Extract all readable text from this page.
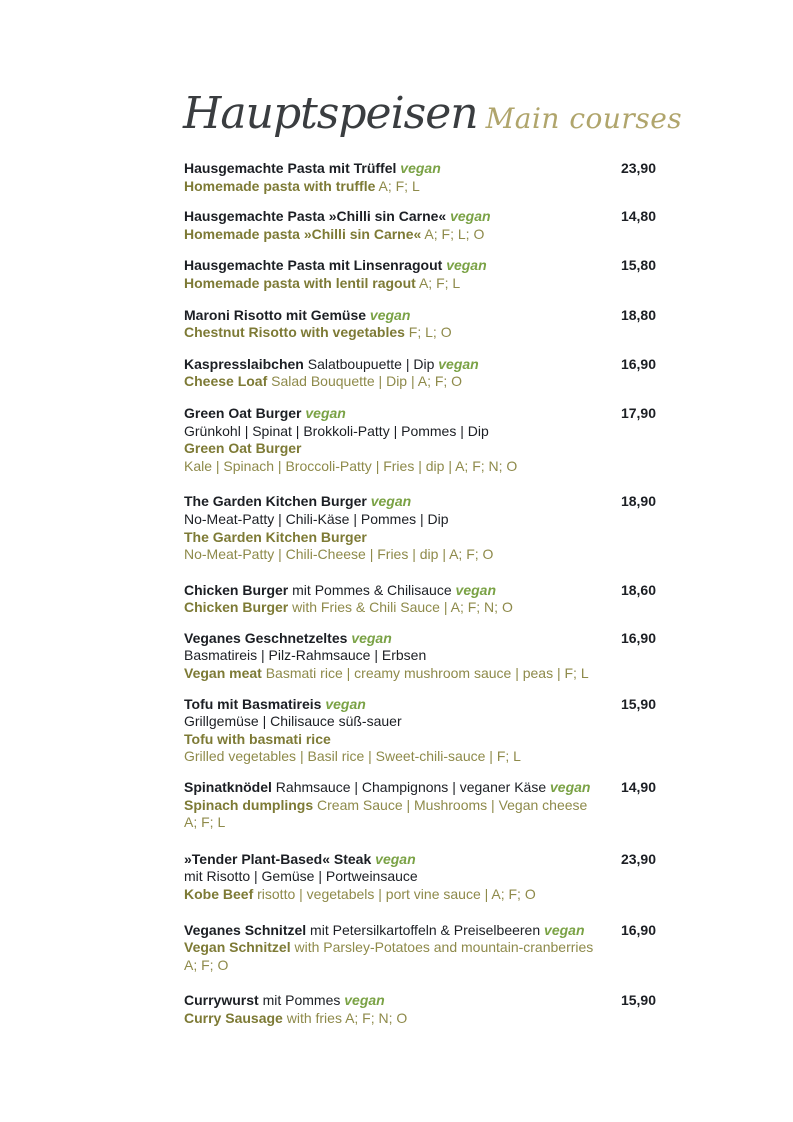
Hauptspeisen Main courses
23,90
Hausgemachte Pasta mit Trüffel vegan
Homemade pasta with truffle A; F; L
14,80
Hausgemachte Pasta »Chilli sin Carne« vegan
Homemade pasta »Chilli sin Carne« A; F; L; O
15,80
Hausgemachte Pasta mit Linsenragout vegan
Homemade pasta with lentil ragout A; F; L
18,80
Maroni Risotto mit Gemüse vegan
Chestnut Risotto with vegetables F; L; O
16,90
Kaspresslaibchen Salatboupuette | Dip vegan
Cheese Loaf Salad Bouquette | Dip | A; F; O
17,90
Green Oat Burger vegan
Grünkohl | Spinat | Brokkoli-Patty | Pommes | Dip
Green Oat Burger
Kale | Spinach | Broccoli-Patty | Fries | dip | A; F; N; O
18,90
The Garden Kitchen Burger vegan
No-Meat-Patty | Chili-Käse | Pommes | Dip
The Garden Kitchen Burger
No-Meat-Patty | Chili-Cheese | Fries | dip | A; F; O
18,60
Chicken Burger mit Pommes & Chilisauce vegan
Chicken Burger with Fries & Chili Sauce | A; F; N; O
16,90
Veganes Geschnetzeltes vegan
Basmatireis | Pilz-Rahmsauce | Erbsen
Vegan meat Basmati rice | creamy mushroom sauce | peas | F; L
15,90
Tofu mit Basmatireis vegan
Grillgemüse | Chilisauce süß-sauer
Tofu with basmati rice
Grilled vegetables | Basil rice | Sweet-chili-sauce | F; L
14,90
Spinatknödel Rahmsauce | Champignons | veganer Käse vegan
Spinach dumplings Cream Sauce | Mushrooms | Vegan cheese
A; F; L
23,90
»Tender Plant-Based« Steak vegan
mit Risotto | Gemüse | Portweinsauce
Kobe Beef risotto | vegetabels | port vine sauce | A; F; O
16,90
Veganes Schnitzel mit Petersilkartoffeln & Preiselbeeren vegan
Vegan Schnitzel with Parsley-Potatoes and mountain-cranberries
A; F; O
15,90
Currywurst mit Pommes vegan
Curry Sausage with fries A; F; N; O
